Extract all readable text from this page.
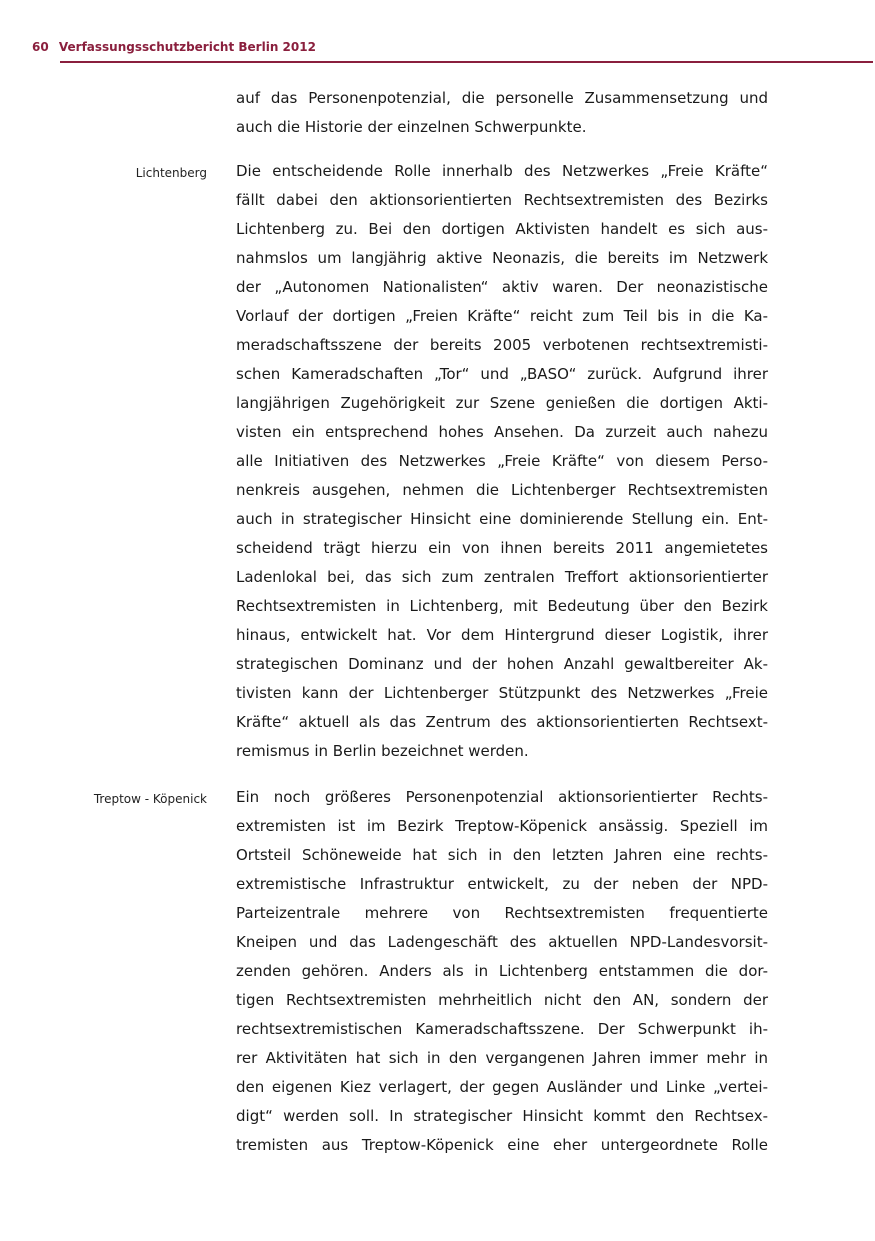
60 Verfassungsschutzbericht Berlin 2012
auf das Personenpotenzial, die personelle Zusammensetzung und
auch die Historie der einzelnen Schwerpunkte.
Lichtenberg Die entscheidende Rolle innerhalb des Netzwerkes „Freie Kräfte“
fällt dabei den aktionsorientierten Rechtsextremisten des Bezirks
Lichtenberg zu. Bei den dortigen Aktivisten handelt es sich aus-
nahmslos um langjährig aktive Neonazis, die bereits im Netzwerk
der „Autonomen Nationalisten“ aktiv waren. Der neonazistische
Vorlauf der dortigen „Freien Kräfte“ reicht zum Teil bis in die Ka-
meradschaftsszene der bereits 2005 verbotenen rechtsextremisti-
schen Kameradschaften „Tor“ und „BASO“ zurück. Aufgrund ihrer
langjährigen Zugehörigkeit zur Szene genießen die dortigen Akti-
visten ein entsprechend hohes Ansehen. Da zurzeit auch nahezu
alle Initiativen des Netzwerkes „Freie Kräfte“ von diesem Perso-
nenkreis ausgehen, nehmen die Lichtenberger Rechtsextremisten
auch in strategischer Hinsicht eine dominierende Stellung ein. Ent-
scheidend trägt hierzu ein von ihnen bereits 2011 angemietetes
Ladenlokal bei, das sich zum zentralen Treffort aktionsorientierter
Rechtsextremisten in Lichtenberg, mit Bedeutung über den Bezirk
hinaus, entwickelt hat. Vor dem Hintergrund dieser Logistik, ihrer
strategischen Dominanz und der hohen Anzahl gewaltbereiter Ak-
tivisten kann der Lichtenberger Stützpunkt des Netzwerkes „Freie
Kräfte“ aktuell als das Zentrum des aktionsorientierten Rechtsext-
remismus in Berlin bezeichnet werden.
Treptow - Köpenick Ein noch größeres Personenpotenzial aktionsorientierter Rechts-
extremisten ist im Bezirk Treptow-Köpenick ansässig. Speziell im
Ortsteil Schöneweide hat sich in den letzten Jahren eine rechts-
extremistische Infrastruktur entwickelt, zu der neben der NPD-
Parteizentrale mehrere von Rechtsextremisten frequentierte
Kneipen und das Ladengeschäft des aktuellen NPD-Landesvorsit-
zenden gehören. Anders als in Lichtenberg entstammen die dor-
tigen Rechtsextremisten mehrheitlich nicht den AN, sondern der
rechtsextremistischen Kameradschaftsszene. Der Schwerpunkt ih-
rer Aktivitäten hat sich in den vergangenen Jahren immer mehr in
den eigenen Kiez verlagert, der gegen Ausländer und Linke „vertei-
digt“ werden soll. In strategischer Hinsicht kommt den Rechtsex-
tremisten aus Treptow-Köpenick eine eher untergeordnete Rolle
